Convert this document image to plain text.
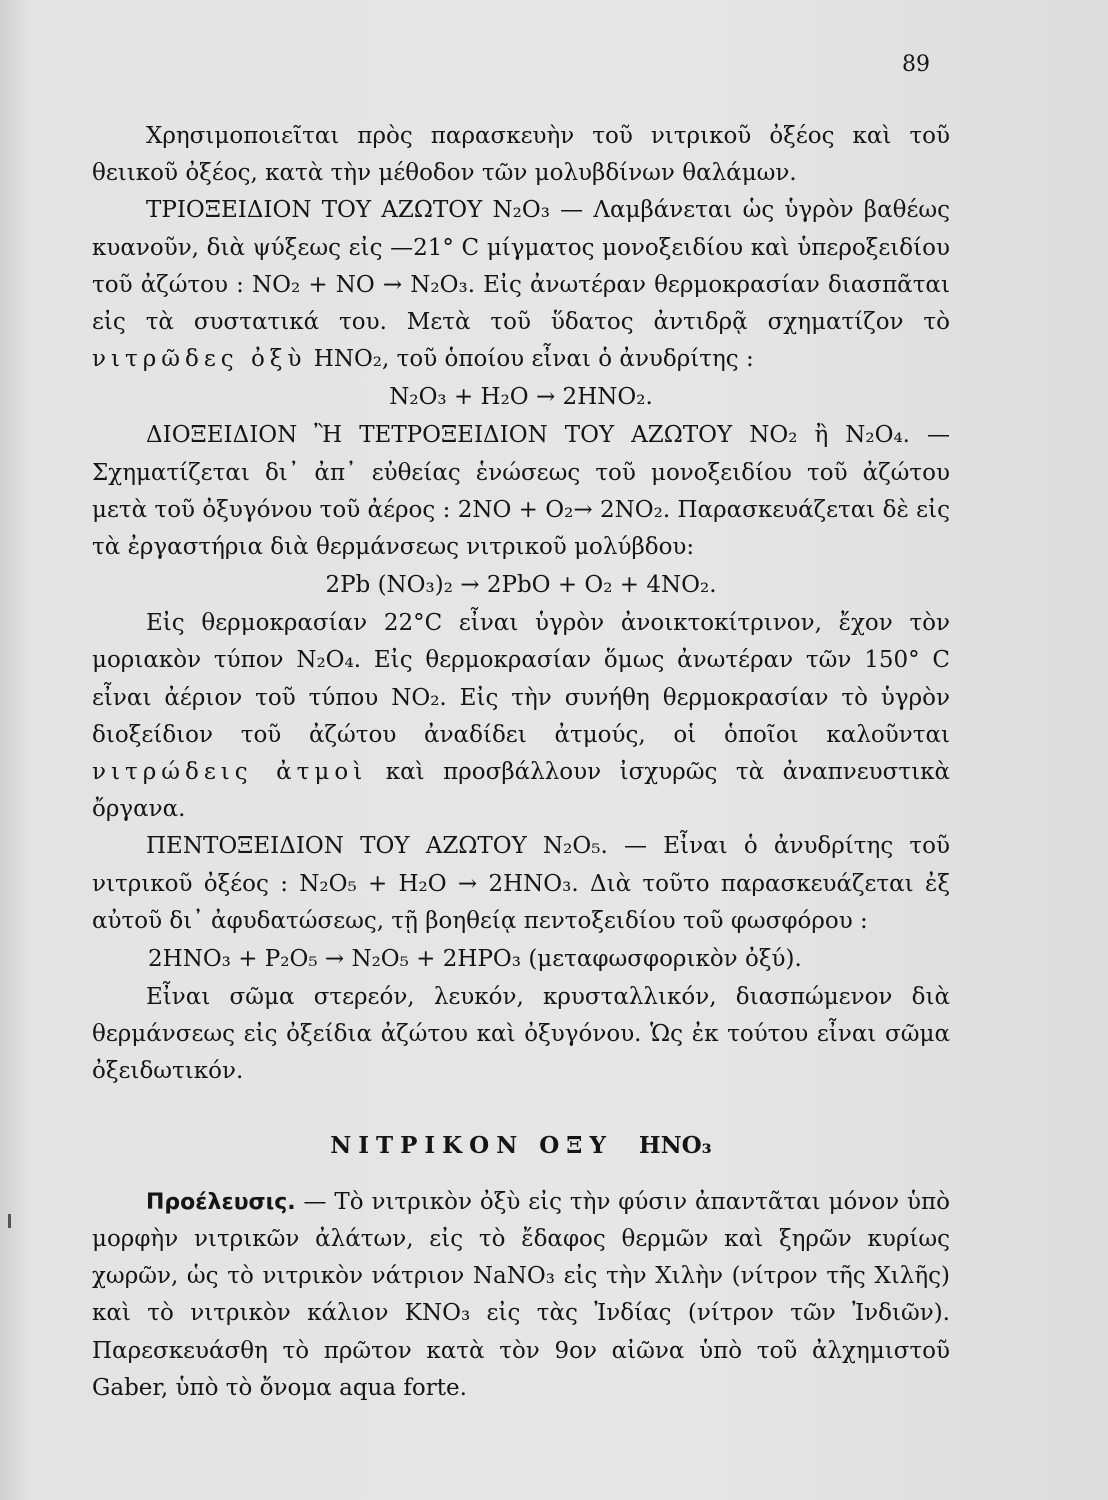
89

Χρησιμοποιεῖται πρὸς παρασκευὴν τοῦ νιτρικοῦ ὀξέος καὶ τοῦ θειικοῦ ὀξέος, κατὰ τὴν μέθοδον τῶν μολυβδίνων θαλάμων.

ΤΡΙΟΞΕΙΔΙΟΝ ΤΟΥ ΑΖΩΤΟΥ N₂O₃ — Λαμβάνεται ὡς ὑγρὸν βαθέως κυανοῦν, διὰ ψύξεως εἰς —21° C μίγματος μονοξειδίου καὶ ὑπεροξειδίου τοῦ ἀζώτου : NO₂ + NO → N₂O₃. Εἰς ἀνωτέραν θερμοκρασίαν διασπᾶται εἰς τὰ συστατικά του. Μετὰ τοῦ ὕδατος ἀντιδρᾷ σχηματίζον τὸ νιτρῶδες ὀξὺ HNO₂, τοῦ ὁποίου εἶναι ὁ ἀνυδρίτης :

N₂O₃ + H₂O → 2HNO₂.

ΔΙΟΞΕΙΔΙΟΝ Ἢ ΤΕΤΡΟΞΕΙΔΙΟΝ ΤΟΥ ΑΖΩΤΟΥ NO₂ ἢ N₂O₄. — Σχηματίζεται δι᾽ ἀπ᾽ εὐθείας ἑνώσεως τοῦ μονοξειδίου τοῦ ἀζώτου μετὰ τοῦ ὀξυγόνου τοῦ ἀέρος : 2NO + O₂→ 2NO₂. Παρασκευάζεται δὲ εἰς τὰ ἐργαστήρια διὰ θερμάνσεως νιτρικοῦ μολύβδου:

2Pb (NO₃)₂ → 2PbO + O₂ + 4NO₂.

Εἰς θερμοκρασίαν 22°C εἶναι ὑγρὸν ἀνοικτοκίτρινον, ἔχον τὸν μοριακὸν τύπον N₂O₄. Εἰς θερμοκρασίαν ὅμως ἀνωτέραν τῶν 150° C εἶναι ἀέριον τοῦ τύπου NO₂. Εἰς τὴν συνήθη θερμοκρασίαν τὸ ὑγρὸν διοξείδιον τοῦ ἀζώτου ἀναδίδει ἀτμούς, οἱ ὁποῖοι καλοῦνται νιτρώδεις ἀτμοὶ καὶ προσβάλλουν ἰσχυρῶς τὰ ἀναπνευστικὰ ὄργανα.

ΠΕΝΤΟΞΕΙΔΙΟΝ ΤΟΥ ΑΖΩΤΟΥ N₂O₅. — Εἶναι ὁ ἀνυδρίτης τοῦ νιτρικοῦ ὀξέος : N₂O₅ + H₂O → 2HNO₃. Διὰ τοῦτο παρασκευάζεται ἐξ αὐτοῦ δι᾽ ἀφυδατώσεως, τῇ βοηθείᾳ πεντοξειδίου τοῦ φωσφόρου :

2HNO₃ + P₂O₅ → N₂O₅ + 2HPO₃ (μεταφωσφορικὸν ὀξύ).

Εἶναι σῶμα στερεόν, λευκόν, κρυσταλλικόν, διασπώμενον διὰ θερμάνσεως εἰς ὀξείδια ἀζώτου καὶ ὀξυγόνου. Ὡς ἐκ τούτου εἶναι σῶμα ὀξειδωτικόν.

ΝΙΤΡΙΚΟΝ ΟΞΥ HNO₃

Προέλευσις. — Τὸ νιτρικὸν ὀξὺ εἰς τὴν φύσιν ἀπαντᾶται μόνον ὑπὸ μορφὴν νιτρικῶν ἀλάτων, εἰς τὸ ἔδαφος θερμῶν καὶ ξηρῶν κυρίως χωρῶν, ὡς τὸ νιτρικὸν νάτριον NaNO₃ εἰς τὴν Χιλὴν (νίτρον τῆς Χιλῆς) καὶ τὸ νιτρικὸν κάλιον KNO₃ εἰς τὰς Ἰνδίας (νίτρον τῶν Ἰνδιῶν). Παρεσκευάσθη τὸ πρῶτον κατὰ τὸν 9ον αἰῶνα ὑπὸ τοῦ ἀλχημιστοῦ Gaber, ὑπὸ τὸ ὄνομα aqua forte.
